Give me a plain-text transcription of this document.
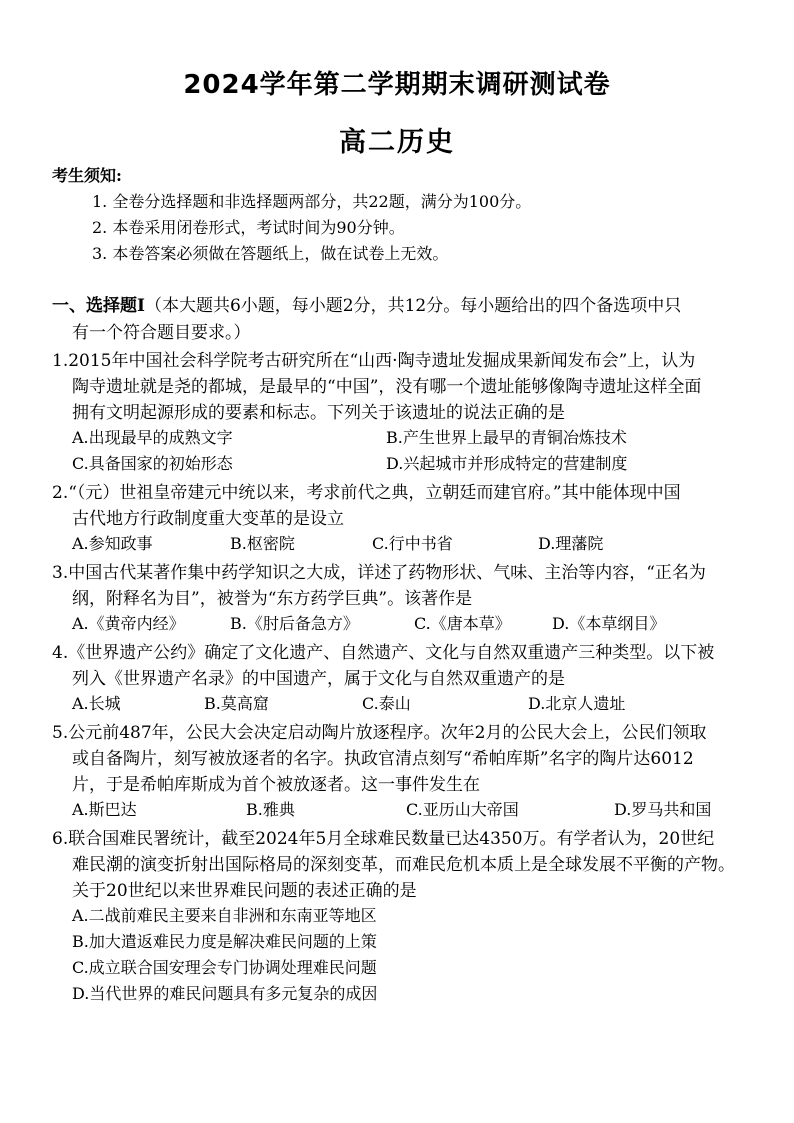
2024学年第二学期期末调研测试卷
高二历史
考生须知:
1. 全卷分选择题和非选择题两部分，共22题，满分为100分。
2. 本卷采用闭卷形式，考试时间为90分钟。
3. 本卷答案必须做在答题纸上，做在试卷上无效。
一、选择题Ⅰ（本大题共6小题，每小题2分，共12分。每小题给出的四个备选项中只
有一个符合题目要求。）
1.2015年中国社会科学院考古研究所在“山西·陶寺遗址发掘成果新闻发布会”上，认为
陶寺遗址就是尧的都城，是最早的“中国”，没有哪一个遗址能够像陶寺遗址这样全面
拥有文明起源形成的要素和标志。下列关于该遗址的说法正确的是
A.出现最早的成熟文字	B.产生世界上最早的青铜冶炼技术
C.具备国家的初始形态	D.兴起城市并形成特定的营建制度
2.“（元）世祖皇帝建元中统以来，考求前代之典，立朝廷而建官府。”其中能体现中国
古代地方行政制度重大变革的是设立
A.参知政事	B.枢密院	C.行中书省	D.理藩院
3.中国古代某著作集中药学知识之大成，详述了药物形状、气味、主治等内容，“正名为
纲，附释名为目”，被誉为“东方药学巨典”。该著作是
A.《黄帝内经》	B.《肘后备急方》	C.《唐本草》	D.《本草纲目》
4.《世界遗产公约》确定了文化遗产、自然遗产、文化与自然双重遗产三种类型。以下被
列入《世界遗产名录》的中国遗产，属于文化与自然双重遗产的是
A.长城	B.莫高窟	C.泰山	D.北京人遗址
5.公元前487年，公民大会决定启动陶片放逐程序。次年2月的公民大会上，公民们领取
或自备陶片，刻写被放逐者的名字。执政官清点刻写“希帕库斯”名字的陶片达6012
片，于是希帕库斯成为首个被放逐者。这一事件发生在
A.斯巴达	B.雅典	C.亚历山大帝国	D.罗马共和国
6.联合国难民署统计，截至2024年5月全球难民数量已达4350万。有学者认为，20世纪
难民潮的演变折射出国际格局的深刻变革，而难民危机本质上是全球发展不平衡的产物。
关于20世纪以来世界难民问题的表述正确的是
A.二战前难民主要来自非洲和东南亚等地区
B.加大遣返难民力度是解决难民问题的上策
C.成立联合国安理会专门协调处理难民问题
D.当代世界的难民问题具有多元复杂的成因
